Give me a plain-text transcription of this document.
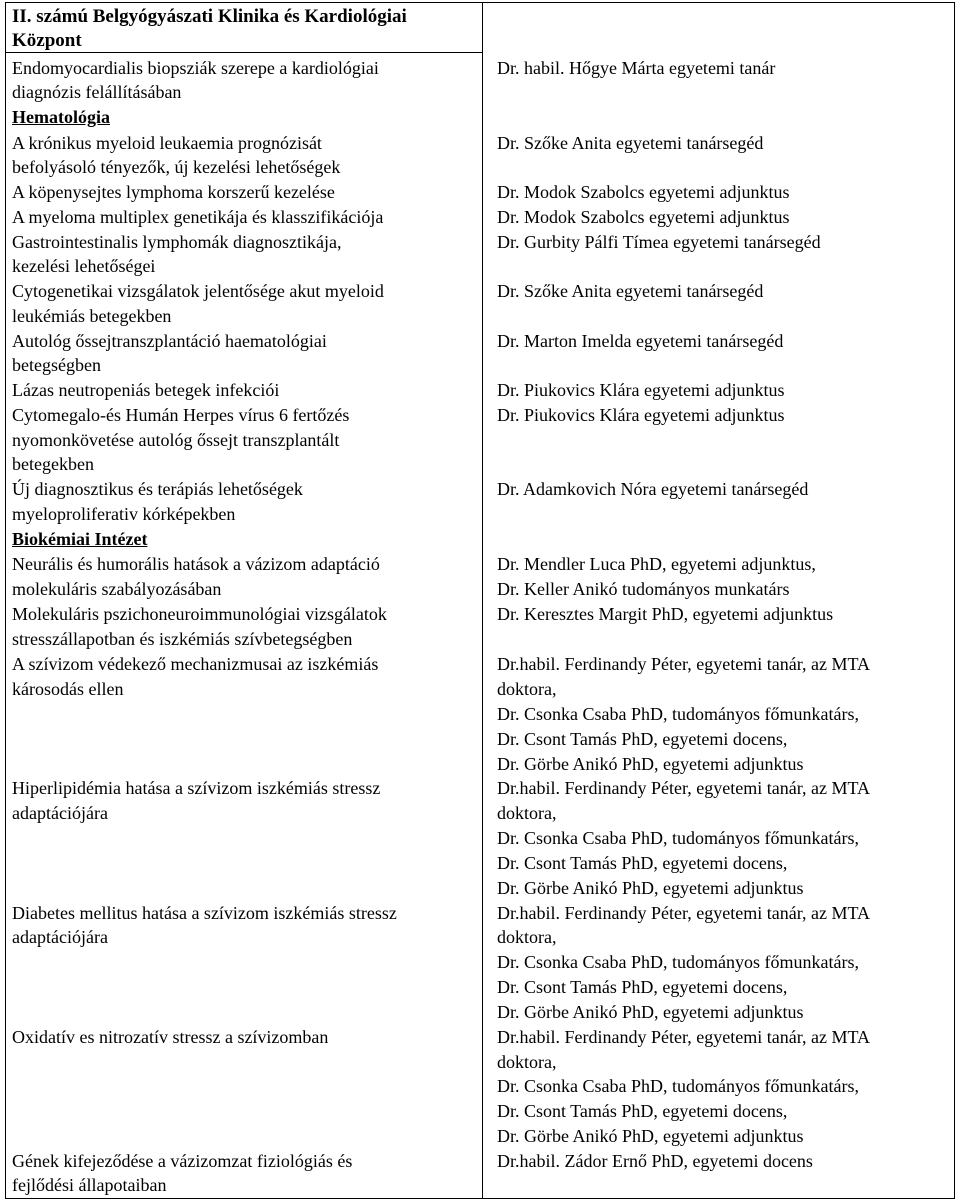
II. számú Belgyógyászati Klinika és Kardiológiai
Központ
Endomyocardialis biopsziák szerepe a kardiológiai
diagnózis felállításában
Hematológia
A krónikus myeloid leukaemia prognózisát
befolyásoló tényezők, új kezelési lehetőségek
A köpenysejtes lymphoma korszerű kezelése
A myeloma multiplex genetikája és klasszifikációja
Gastrointestinalis lymphomák diagnosztikája,
kezelési lehetőségei
Cytogenetikai vizsgálatok jelentősége akut myeloid
leukémiás betegekben
Autológ őssejtranszplantáció haematológiai
betegségben
Lázas neutropeniás betegek infekciói
Cytomegalo-és Humán Herpes vírus 6 fertőzés
nyomonkövetése autológ őssejt transzplantált
betegekben
Új diagnosztikus és terápiás lehetőségek
myeloproliferativ kórképekben
Biokémiai Intézet
Neurális és humorális hatások a vázizom adaptáció
molekuláris szabályozásában
Molekuláris pszichoneuroimmunológiai vizsgálatok
stresszállapotban és iszkémiás szívbetegségben
A szívizom védekező mechanizmusai az iszkémiás
károsodás ellen
Hiperlipidémia hatása a szívizom iszkémiás stressz
adaptációjára
Diabetes mellitus hatása a szívizom iszkémiás stressz
adaptációjára
Oxidatív es nitrozatív stressz a szívizomban
Gének kifejeződése a vázizomzat fiziológiás és
fejlődési állapotaiban
Dr. habil. Hőgye Márta egyetemi tanár
Dr. Szőke Anita egyetemi tanársegéd
Dr. Modok Szabolcs egyetemi adjunktus
Dr. Modok Szabolcs egyetemi adjunktus
Dr. Gurbity Pálfi Tímea egyetemi tanársegéd
Dr. Szőke Anita egyetemi tanársegéd
Dr. Marton Imelda egyetemi tanársegéd
Dr. Piukovics Klára egyetemi adjunktus
Dr. Piukovics Klára egyetemi adjunktus
Dr. Adamkovich Nóra egyetemi tanársegéd
Dr. Mendler Luca PhD, egyetemi adjunktus,
Dr. Keller Anikó tudományos munkatárs
Dr. Keresztes Margit PhD, egyetemi adjunktus
Dr.habil. Ferdinandy Péter, egyetemi tanár, az MTA
doktora,
Dr. Csonka Csaba PhD, tudományos főmunkatárs,
Dr. Csont Tamás PhD, egyetemi docens,
Dr. Görbe Anikó PhD, egyetemi adjunktus
Dr.habil. Ferdinandy Péter, egyetemi tanár, az MTA
doktora,
Dr. Csonka Csaba PhD, tudományos főmunkatárs,
Dr. Csont Tamás PhD, egyetemi docens,
Dr. Görbe Anikó PhD, egyetemi adjunktus
Dr.habil. Ferdinandy Péter, egyetemi tanár, az MTA
doktora,
Dr. Csonka Csaba PhD, tudományos főmunkatárs,
Dr. Csont Tamás PhD, egyetemi docens,
Dr. Görbe Anikó PhD, egyetemi adjunktus
Dr.habil. Ferdinandy Péter, egyetemi tanár, az MTA
doktora,
Dr. Csonka Csaba PhD, tudományos főmunkatárs,
Dr. Csont Tamás PhD, egyetemi docens,
Dr. Görbe Anikó PhD, egyetemi adjunktus
Dr.habil. Zádor Ernő PhD, egyetemi docens
